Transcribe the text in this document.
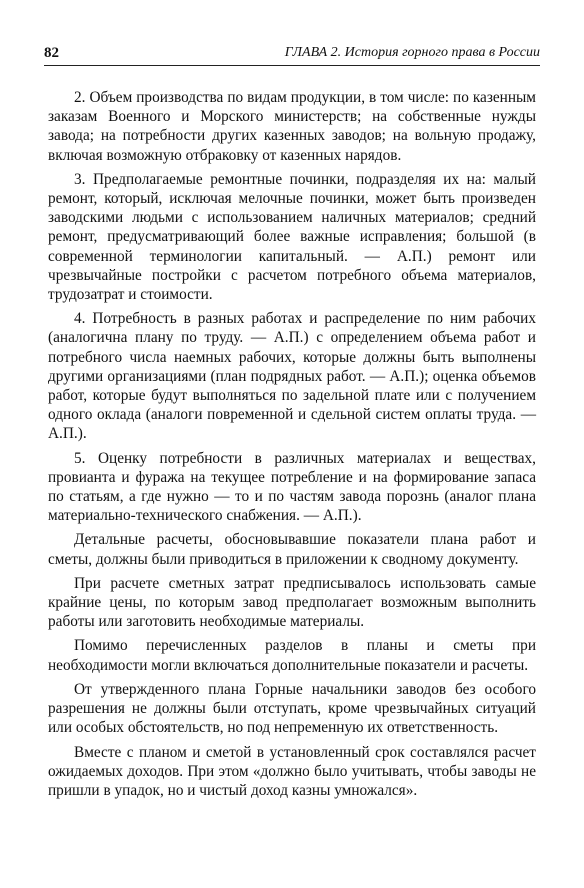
82	ГЛАВА 2. История горного права в России

2. Объем производства по видам продукции, в том числе: по казенным заказам Военного и Морского министерств; на собственные нужды завода; на потребности других казенных заводов; на вольную продажу, включая возможную отбраковку от казенных нарядов.

3. Предполагаемые ремонтные починки, подразделяя их на: малый ремонт, который, исключая мелочные починки, может быть произведен заводскими людьми с использованием наличных материалов; средний ремонт, предусматривающий более важные исправления; большой (в современной терминологии капитальный. — А.П.) ремонт или чрезвычайные постройки с расчетом потребного объема материалов, трудозатрат и стоимости.

4. Потребность в разных работах и распределение по ним рабочих (аналогична плану по труду. — А.П.) с определением объема работ и потребного числа наемных рабочих, которые должны быть выполнены другими организациями (план подрядных работ. — А.П.); оценка объемов работ, которые будут выполняться по задельной плате или с получением одного оклада (аналоги повременной и сдельной систем оплаты труда. — А.П.).

5. Оценку потребности в различных материалах и веществах, провианта и фуража на текущее потребление и на формирование запаса по статьям, а где нужно — то и по частям завода порознь (аналог плана материально-технического снабжения. — А.П.).

Детальные расчеты, обосновывавшие показатели плана работ и сметы, должны были приводиться в приложении к сводному документу.

При расчете сметных затрат предписывалось использовать самые крайние цены, по которым завод предполагает возможным выполнить работы или заготовить необходимые материалы.

Помимо перечисленных разделов в планы и сметы при необходимости могли включаться дополнительные показатели и расчеты.

От утвержденного плана Горные начальники заводов без особого разрешения не должны были отступать, кроме чрезвычайных ситуаций или особых обстоятельств, но под непременную их ответственность.

Вместе с планом и сметой в установленный срок составлялся расчет ожидаемых доходов. При этом «должно было учитывать, чтобы заводы не пришли в упадок, но и чистый доход казны умножался».
